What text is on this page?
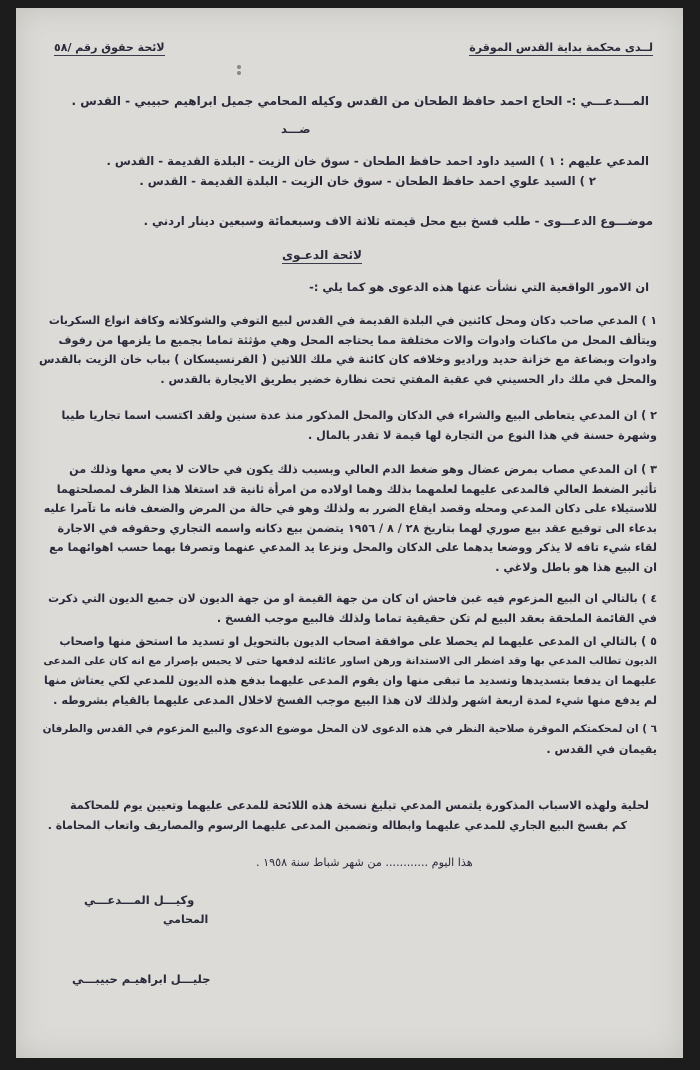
لــدى محكمة بداية القدس الموقرة
لائحة حقوق رقم /٥٨
المـــدعـــي :- الحاج احمد حافظ الطحان من القدس وكيله المحامي جميل ابراهيم حبيبي - القدس .
ضـــد
المدعي عليهم : ١ ) السيد داود احمد حافظ الطحان - سوق خان الزيت - البلدة القديمة - القدس .
٢ ) السيد علوي احمد حافظ الطحان - سوق خان الزيت - البلدة القديمة - القدس .
موضـــوع الدعـــوى - طلب فسخ بيع محل قيمته ثلاثة الاف وسبعمائة وسبعين دينار اردني .
لائحة الدعـوى
ان الامور الواقعية التي نشأت عنها هذه الدعوى هو كما يلي :-
١ ) المدعي صاحب دكان ومحل كائنين في البلدة القديمة في القدس لبيع التوفي والشوكلاته وكافة انواع السكريات
ويتألف المحل من ماكنات وادوات والات مختلفة مما يحتاجه المحل وهي مؤثثة تماما بجميع ما يلزمها من رفوف
وادوات وبضاعة مع خزانة حديد وراديو وخلافه كان كائنة في ملك اللاتين ( الفرنسيسكان ) بباب خان الزيت بالقدس
والمحل في ملك دار الحسيني في عقبة المفتي تحت نظارة خضير بطريق الايجارة بالقدس .
٢ ) ان المدعي يتعاطى البيع والشراء في الدكان والمحل المذكور منذ عدة سنين ولقد اكتسب اسما تجاريا طيبا
وشهرة حسنة في هذا النوع من التجارة لها قيمة لا تقدر بالمال .
٣ ) ان المدعي مصاب بمرض عضال وهو ضغط الدم العالي وبسبب ذلك يكون في حالات لا يعي معها وذلك من
تأثير الضغط العالي فالمدعى عليهما لعلمهما بذلك وهما اولاده من امرأة ثانية قد استغلا هذا الظرف لمصلحتهما
للاستيلاء على دكان المدعي ومحله وقصد ايقاع الضرر به ولذلك وهو في حالة من المرض والضعف فانه ما تآمرا عليه
بدعاء الى توقيع عقد بيع صوري لهما بتاريخ ٢٨ / ٨ / ١٩٥٦ يتضمن بيع دكانه واسمه التجاري وحقوقه في الاجارة
لقاء شيء تافه لا يذكر ووضعا يدهما على الدكان والمحل ونزعا يد المدعي عنهما وتصرفا بهما حسب اهوائهما مع
ان البيع هذا هو باطل ولاغي .
٤ ) بالتالي ان البيع المزعوم فيه غبن فاحش ان كان من جهة القيمة او من جهة الديون لان جميع الديون التي ذكرت
في القائمة الملحقة بعقد البيع لم تكن حقيقية تماما ولذلك فالبيع موجب الفسخ .
٥ ) بالتالي ان المدعى عليهما لم يحصلا على موافقة اصحاب الديون بالتحويل او تسديد ما استحق منها واصحاب
الديون تطالب المدعي بها وقد اضطر الى الاستدانة ورهن اساور عائلته لدفعها حتى لا يحبس بإصرار مع انه كان على المدعى
عليهما ان يدفعا بتسديدها وتسديد ما تبقى منها وان يقوم المدعى عليهما بدفع هذه الديون للمدعي لكي يعتاش منها
لم يدفع منها شيء لمدة اربعة اشهر ولذلك لان هذا البيع موجب الفسخ لاخلال المدعى عليهما بالقيام بشروطه .
٦ ) ان لمحكمتكم الموقرة صلاحية النظر في هذه الدعوى لان المحل موضوع الدعوى والبيع المزعوم في القدس والطرفان
يقيمان في القدس .
لحلية ولهذه الاسباب المذكورة يلتمس المدعي تبليغ نسخة هذه اللائحة للمدعى عليهما وتعيين يوم للمحاكمة
كم بفسخ البيع الجاري للمدعي عليهما وابطاله وتضمين المدعى عليهما الرسوم والمصاريف واتعاب المحاماة .
هذا اليوم ............ من شهر شباط سنة ١٩٥٨ .
وكيـــل المـــدعـــي
المحامي
جليـــل ابراهيـم حبيبـــي
